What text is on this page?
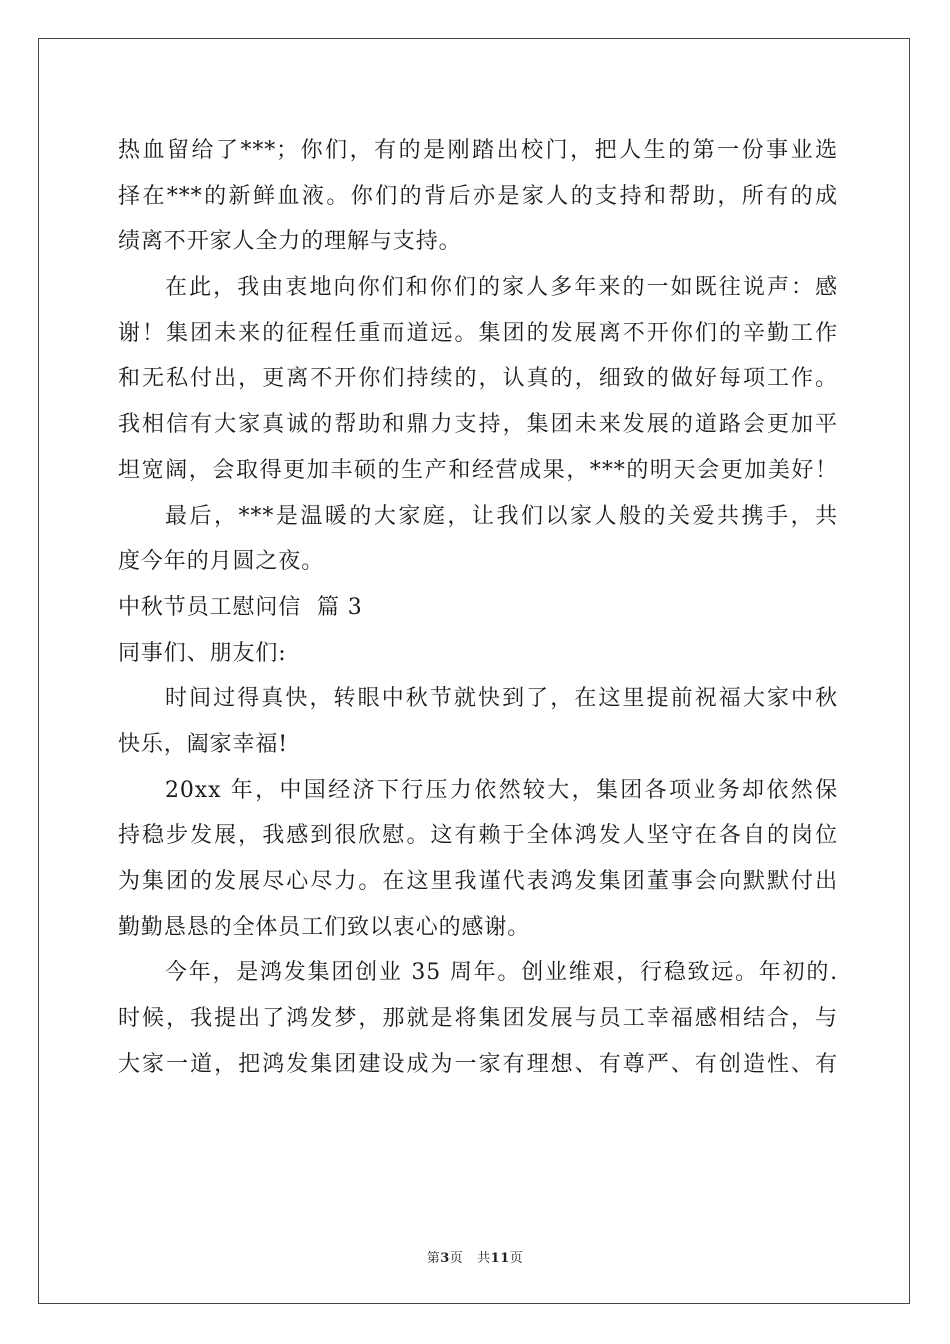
热血留给了***；你们，有的是刚踏出校门，把人生的第一份事业选
择在***的新鲜血液。你们的背后亦是家人的支持和帮助，所有的成
绩离不开家人全力的理解与支持。
在此，我由衷地向你们和你们的家人多年来的一如既往说声：感
谢！集团未来的征程任重而道远。集团的发展离不开你们的辛勤工作
和无私付出，更离不开你们持续的，认真的，细致的做好每项工作。
我相信有大家真诚的帮助和鼎力支持，集团未来发展的道路会更加平
坦宽阔，会取得更加丰硕的生产和经营成果，***的明天会更加美好！
最后，***是温暖的大家庭，让我们以家人般的关爱共携手，共
度今年的月圆之夜。
中秋节员工慰问信  篇 3
同事们、朋友们:
时间过得真快，转眼中秋节就快到了，在这里提前祝福大家中秋
快乐，阖家幸福!
20xx 年，中国经济下行压力依然较大，集团各项业务却依然保
持稳步发展，我感到很欣慰。这有赖于全体鸿发人坚守在各自的岗位
为集团的发展尽心尽力。在这里我谨代表鸿发集团董事会向默默付出
勤勤恳恳的全体员工们致以衷心的感谢。
今年，是鸿发集团创业 35 周年。创业维艰，行稳致远。年初的.
时候，我提出了鸿发梦，那就是将集团发展与员工幸福感相结合，与
大家一道，把鸿发集团建设成为一家有理想、有尊严、有创造性、有
第3页   共11页
